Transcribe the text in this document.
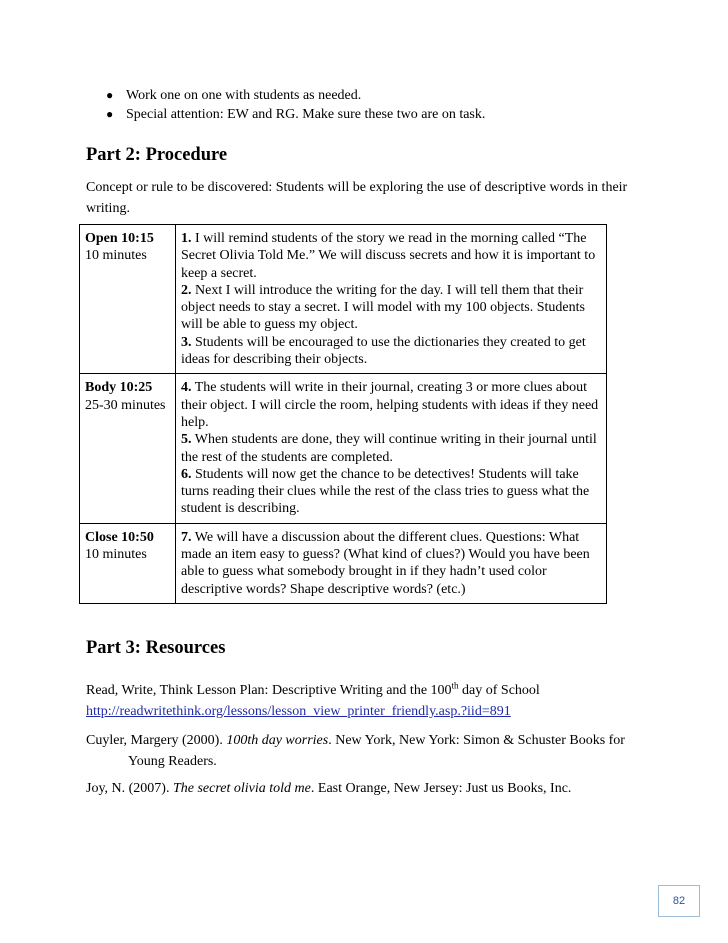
● Work one on one with students as needed.
● Special attention: EW and RG. Make sure these two are on task.
Part 2: Procedure
Concept or rule to be discovered: Students will be exploring the use of descriptive words in their writing.
Open 10:15
10 minutes	1. I will remind students of the story we read in the morning called “The Secret Olivia Told Me.” We will discuss secrets and how it is important to keep a secret.
2. Next I will introduce the writing for the day. I will tell them that their object needs to stay a secret. I will model with my 100 objects. Students will be able to guess my object.
3. Students will be encouraged to use the dictionaries they created to get ideas for describing their objects.

Body 10:25
25-30 minutes	4. The students will write in their journal, creating 3 or more clues about their object. I will circle the room, helping students with ideas if they need help.
5. When students are done, they will continue writing in their journal until the rest of the students are completed.
6. Students will now get the chance to be detectives! Students will take turns reading their clues while the rest of the class tries to guess what the student is describing.

Close 10:50
10 minutes	7. We will have a discussion about the different clues. Questions: What made an item easy to guess? (What kind of clues?) Would you have been able to guess what somebody brought in if they hadn’t used color descriptive words? Shape descriptive words? (etc.)
Part 3: Resources
Read, Write, Think Lesson Plan: Descriptive Writing and the 100th day of School
http://readwritethink.org/lessons/lesson_view_printer_friendly.asp.?iid=891
Cuyler, Margery (2000). 100th day worries. New York, New York: Simon & Schuster Books for
Young Readers.
Joy, N. (2007). The secret olivia told me. East Orange, New Jersey: Just us Books, Inc.
82
